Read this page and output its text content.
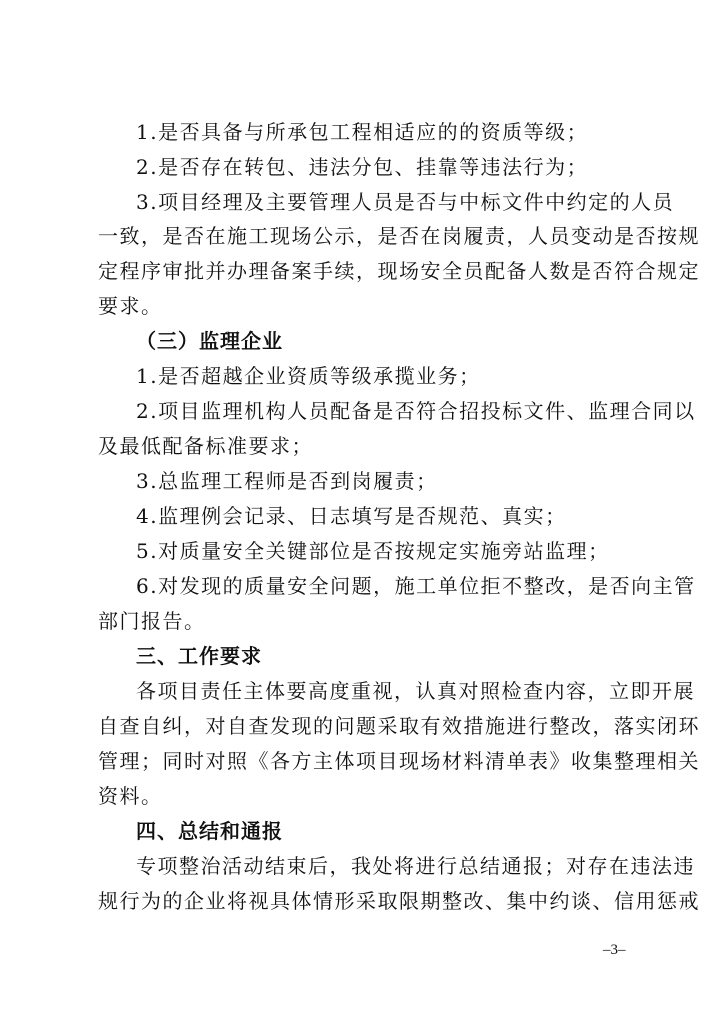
1.是否具备与所承包工程相适应的的资质等级；
2.是否存在转包、违法分包、挂靠等违法行为；
3.项目经理及主要管理人员是否与中标文件中约定的人员
一致，是否在施工现场公示，是否在岗履责，人员变动是否按规
定程序审批并办理备案手续，现场安全员配备人数是否符合规定
要求。
（三）监理企业
1.是否超越企业资质等级承揽业务；
2.项目监理机构人员配备是否符合招投标文件、监理合同以
及最低配备标准要求；
3.总监理工程师是否到岗履责；
4.监理例会记录、日志填写是否规范、真实；
5.对质量安全关键部位是否按规定实施旁站监理；
6.对发现的质量安全问题，施工单位拒不整改，是否向主管
部门报告。
三、工作要求
各项目责任主体要高度重视，认真对照检查内容，立即开展
自查自纠，对自查发现的问题采取有效措施进行整改，落实闭环
管理；同时对照《各方主体项目现场材料清单表》收集整理相关
资料。
四、总结和通报
专项整治活动结束后，我处将进行总结通报；对存在违法违
规行为的企业将视具体情形采取限期整改、集中约谈、信用惩戒
–3–
